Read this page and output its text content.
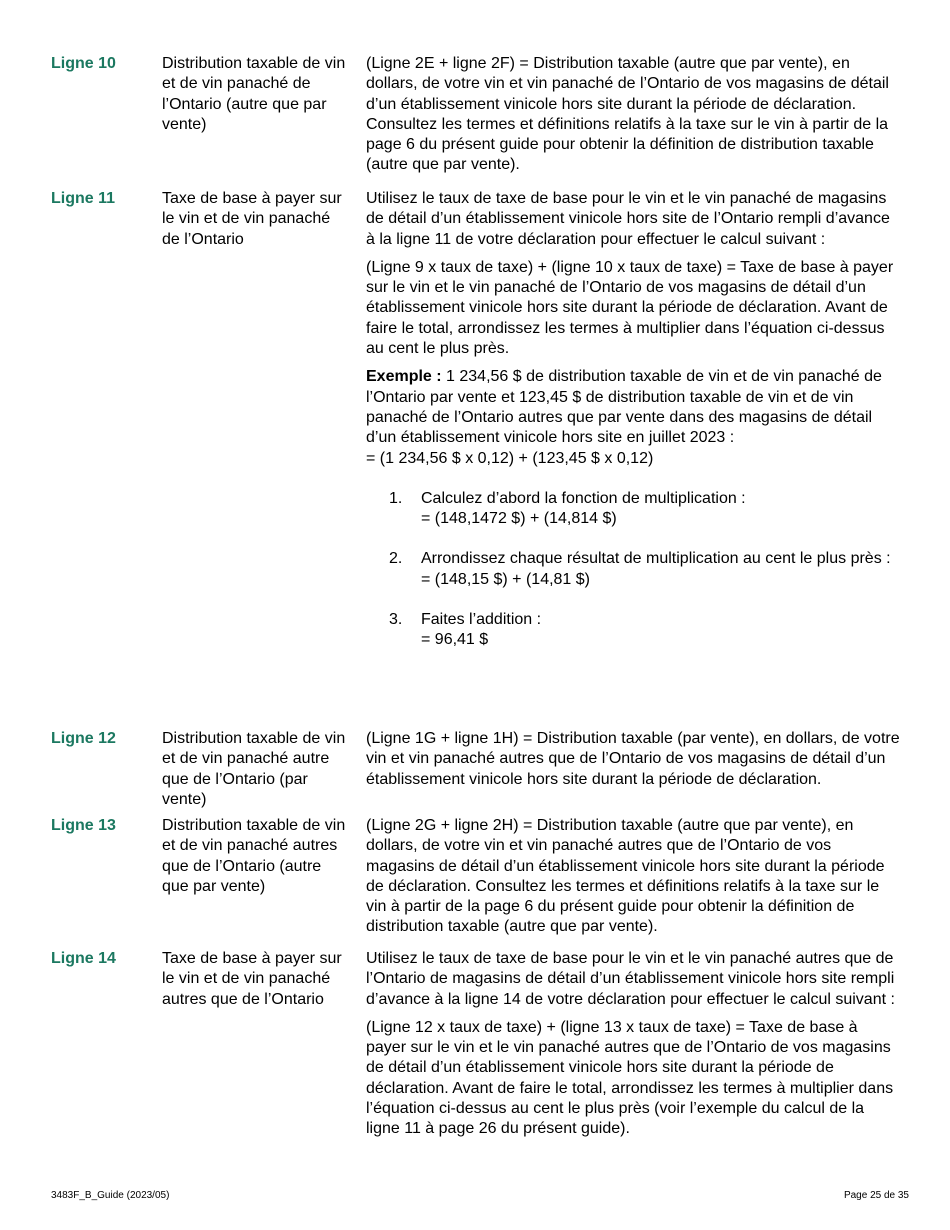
Ligne 10	Distribution taxable de vin et de vin panaché de l’Ontario (autre que par vente)

(Ligne 2E + ligne 2F) = Distribution taxable (autre que par vente), en dollars, de votre vin et vin panaché de l’Ontario de vos magasins de détail d’un établissement vinicole hors site durant la période de déclaration. Consultez les termes et définitions relatifs à la taxe sur le vin à partir de la page 6 du présent guide pour obtenir la définition de distribution taxable (autre que par vente).

Ligne 11	Taxe de base à payer sur le vin et de vin panaché de l’Ontario

Utilisez le taux de taxe de base pour le vin et le vin panaché de magasins de détail d’un établissement vinicole hors site de l’Ontario rempli d’avance à la ligne 11 de votre déclaration pour effectuer le calcul suivant :

(Ligne 9 x taux de taxe) + (ligne 10 x taux de taxe) = Taxe de base à payer sur le vin et le vin panaché de l’Ontario de vos magasins de détail d’un établissement vinicole hors site durant la période de déclaration. Avant de faire le total, arrondissez les termes à multiplier dans l’équation ci-dessus au cent le plus près.

Exemple : 1 234,56 $ de distribution taxable de vin et de vin panaché de l’Ontario par vente et 123,45 $ de distribution taxable de vin et de vin panaché de l’Ontario autres que par vente dans des magasins de détail d’un établissement vinicole hors site en juillet 2023 :
= (1 234,56 $ x 0,12) + (123,45 $ x 0,12)

1. Calculez d’abord la fonction de multiplication :
= (148,1472 $) + (14,814 $)
2. Arrondissez chaque résultat de multiplication au cent le plus près :
= (148,15 $) + (14,81 $)
3. Faites l’addition :
= 96,41 $
Ligne 12	Distribution taxable de vin et de vin panaché autre que de l’Ontario (par vente)

(Ligne 1G + ligne 1H) = Distribution taxable (par vente), en dollars, de votre vin et vin panaché autres que de l’Ontario de vos magasins de détail d’un établissement vinicole hors site durant la période de déclaration.

Ligne 13	Distribution taxable de vin et de vin panaché autres que de l’Ontario (autre que par vente)

(Ligne 2G + ligne 2H) = Distribution taxable (autre que par vente), en dollars, de votre vin et vin panaché autres que de l’Ontario de vos magasins de détail d’un établissement vinicole hors site durant la période de déclaration. Consultez les termes et définitions relatifs à la taxe sur le vin à partir de la page 6 du présent guide pour obtenir la définition de distribution taxable (autre que par vente).

Ligne 14	Taxe de base à payer sur le vin et de vin panaché autres que de l’Ontario

Utilisez le taux de taxe de base pour le vin et le vin panaché autres que de l’Ontario de magasins de détail d’un établissement vinicole hors site rempli d’avance à la ligne 14 de votre déclaration pour effectuer le calcul suivant :

(Ligne 12 x taux de taxe) + (ligne 13 x taux de taxe) = Taxe de base à payer sur le vin et le vin panaché autres que de l’Ontario de vos magasins de détail d’un établissement vinicole hors site durant la période de déclaration. Avant de faire le total, arrondissez les termes à multiplier dans l’équation ci-dessus au cent le plus près (voir l’exemple du calcul de la ligne 11 à page 26 du présent guide).

3483F_B_Guide (2023/05)	Page 25 de 35
